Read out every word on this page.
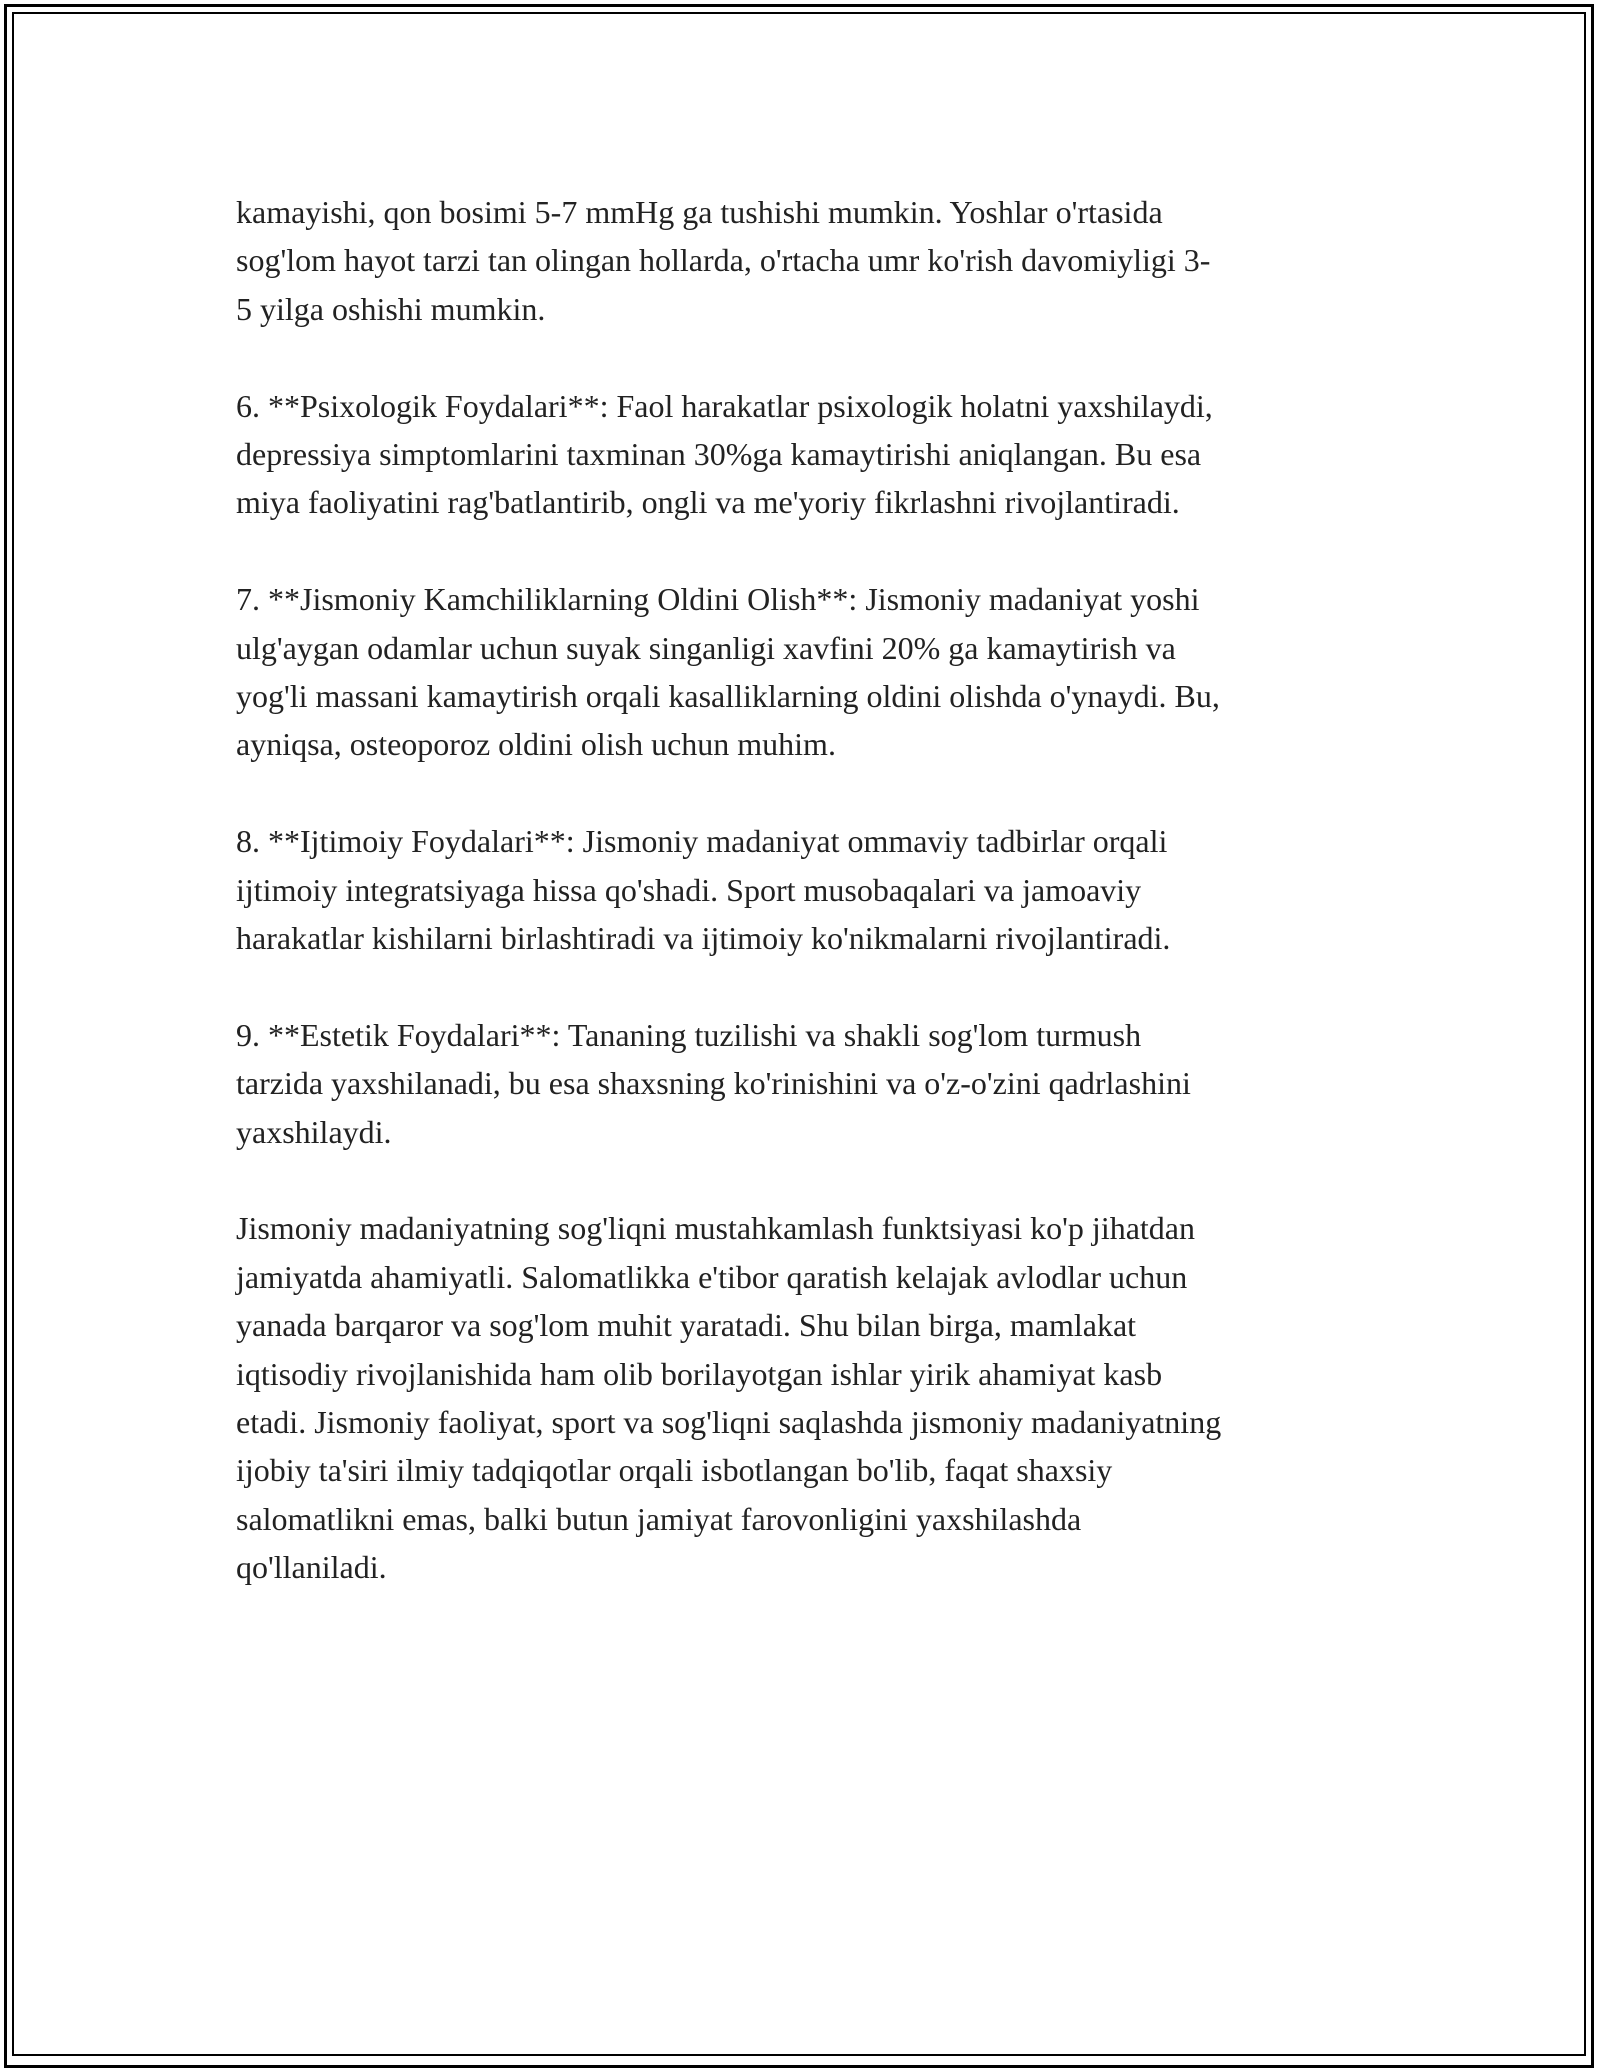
kamayishi, qon bosimi 5-7 mmHg ga tushishi mumkin. Yoshlar o'rtasida
sog'lom hayot tarzi tan olingan hollarda, o'rtacha umr ko'rish davomiyligi 3-
5 yilga oshishi mumkin.

6. **Psixologik Foydalari**: Faol harakatlar psixologik holatni yaxshilaydi,
depressiya simptomlarini taxminan 30%ga kamaytirishi aniqlangan. Bu esa
miya faoliyatini rag'batlantirib, ongli va me'yoriy fikrlashni rivojlantiradi.

7. **Jismoniy Kamchiliklarning Oldini Olish**: Jismoniy madaniyat yoshi
ulg'aygan odamlar uchun suyak singanligi xavfini 20% ga kamaytirish va
yog'li massani kamaytirish orqali kasalliklarning oldini olishda o'ynaydi. Bu,
ayniqsa, osteoporoz oldini olish uchun muhim.

8. **Ijtimoiy Foydalari**: Jismoniy madaniyat ommaviy tadbirlar orqali
ijtimoiy integratsiyaga hissa qo'shadi. Sport musobaqalari va jamoaviy
harakatlar kishilarni birlashtiradi va ijtimoiy ko'nikmalarni rivojlantiradi.

9. **Estetik Foydalari**: Tananing tuzilishi va shakli sog'lom turmush
tarzida yaxshilanadi, bu esa shaxsning ko'rinishini va o'z-o'zini qadrlashini
yaxshilaydi.

Jismoniy madaniyatning sog'liqni mustahkamlash funktsiyasi ko'p jihatdan
jamiyatda ahamiyatli. Salomatlikka e'tibor qaratish kelajak avlodlar uchun
yanada barqaror va sog'lom muhit yaratadi. Shu bilan birga, mamlakat
iqtisodiy rivojlanishida ham olib borilayotgan ishlar yirik ahamiyat kasb
etadi. Jismoniy faoliyat, sport va sog'liqni saqlashda jismoniy madaniyatning
ijobiy ta'siri ilmiy tadqiqotlar orqali isbotlangan bo'lib, faqat shaxsiy
salomatlikni emas, balki butun jamiyat farovonligini yaxshilashda
qo'llaniladi.
